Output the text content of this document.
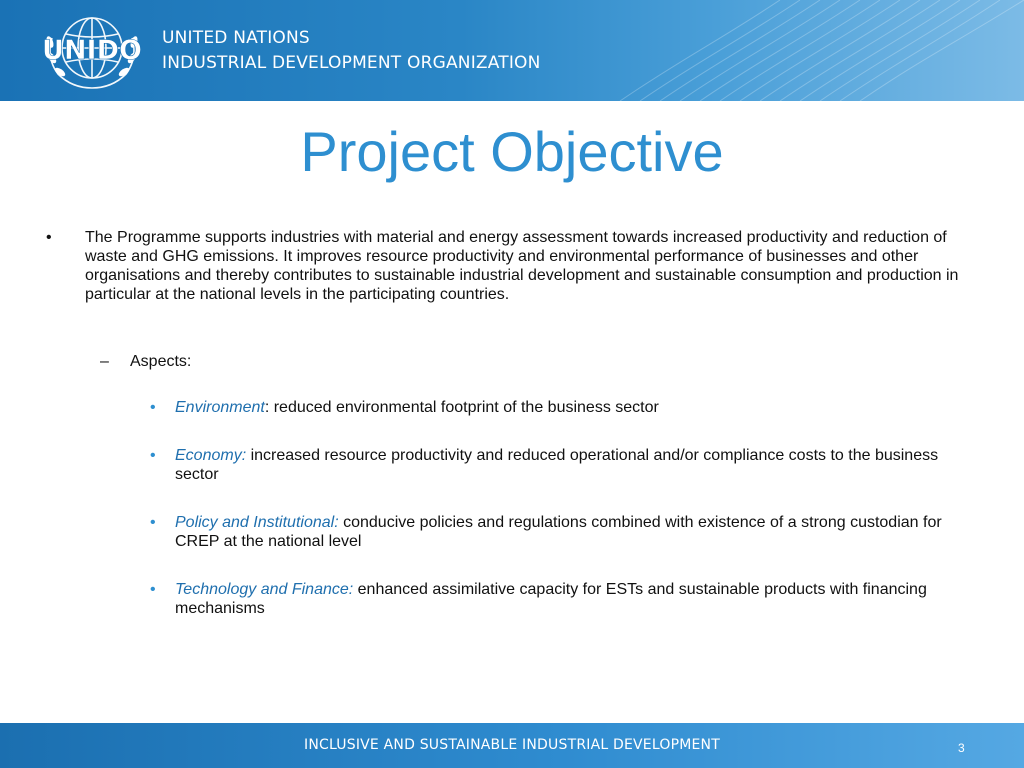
UNIDO UNITED NATIONS
INDUSTRIAL DEVELOPMENT ORGANIZATION
Project Objective
• The Programme supports industries with material and energy assessment towards increased productivity and reduction of waste and GHG emissions. It improves resource productivity and environmental performance of businesses and other organisations and thereby contributes to sustainable industrial development and sustainable consumption and production in particular at the national levels in the participating countries.
– Aspects:
• Environment: reduced environmental footprint of the business sector
• Economy: increased resource productivity and reduced operational and/or compliance costs to the business sector
• Policy and Institutional: conducive policies and regulations combined with existence of a strong custodian for CREP at the national level
• Technology and Finance: enhanced assimilative capacity for ESTs and sustainable products with financing mechanisms
INCLUSIVE AND SUSTAINABLE INDUSTRIAL DEVELOPMENT	3
